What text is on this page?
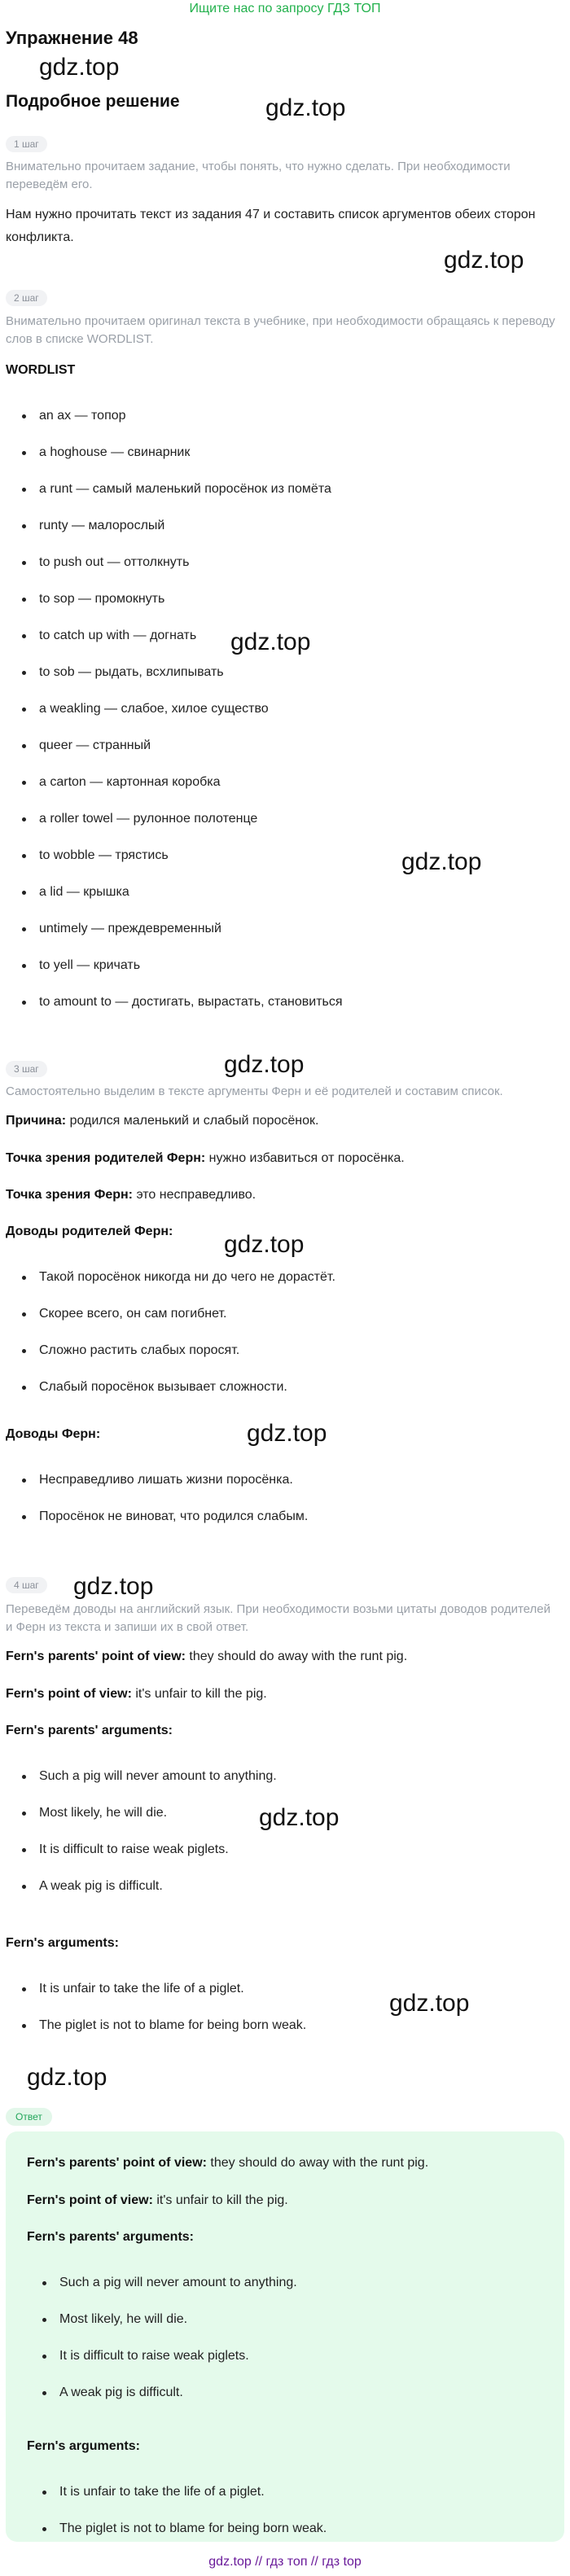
Ищите нас по запросу ГДЗ ТОП
Упражнение 48
Подробное решение
gdz.top
gdz.top
gdz.top
gdz.top
gdz.top
gdz.top
gdz.top
gdz.top
gdz.top
gdz.top
gdz.top
gdz.top
1 шаг
Внимательно прочитаем задание, чтобы понять, что нужно сделать. При необходимости переведём его.
Нам нужно прочитать текст из задания 47 и составить список аргументов обеих сторон конфликта.
2 шаг
Внимательно прочитаем оригинал текста в учебнике, при необходимости обращаясь к переводу слов в списке WORDLIST.
WORDLIST
an ax — топор
a hoghouse — свинарник
a runt — самый маленький поросёнок из помёта
runty — малорослый
to push out — оттолкнуть
to sop — промокнуть
to catch up with — догнать
to sob — рыдать, всхлипывать
a weakling — слабое, хилое существо
queer — странный
a carton — картонная коробка
a roller towel — рулонное полотенце
to wobble — трястись
a lid — крышка
untimely — преждевременный
to yell — кричать
to amount to — достигать, вырастать, становиться
3 шаг
Самостоятельно выделим в тексте аргументы Ферн и её родителей и составим список.
Причина: родился маленький и слабый поросёнок.
Точка зрения родителей Ферн: нужно избавиться от поросёнка.
Точка зрения Ферн: это несправедливо.
Доводы родителей Ферн:
Такой поросёнок никогда ни до чего не дорастёт.
Скорее всего, он сам погибнет.
Сложно растить слабых поросят.
Слабый поросёнок вызывает сложности.
Доводы Ферн:
Несправедливо лишать жизни поросёнка.
Поросёнок не виноват, что родился слабым.
4 шаг
Переведём доводы на английский язык. При необходимости возьми цитаты доводов родителей и Ферн из текста и запиши их в свой ответ.
Fern's parents' point of view: they should do away with the runt pig.
Fern's point of view: it's unfair to kill the pig.
Fern's parents' arguments:
Such a pig will never amount to anything.
Most likely, he will die.
It is difficult to raise weak piglets.
A weak pig is difficult.
Fern's arguments:
It is unfair to take the life of a piglet.
The piglet is not to blame for being born weak.
Ответ
Fern's parents' point of view: they should do away with the runt pig.
Fern's point of view: it's unfair to kill the pig.
Fern's parents' arguments:
Such a pig will never amount to anything.
Most likely, he will die.
It is difficult to raise weak piglets.
A weak pig is difficult.
Fern's arguments:
It is unfair to take the life of a piglet.
The piglet is not to blame for being born weak.
gdz.top // гдз топ // гдз top
